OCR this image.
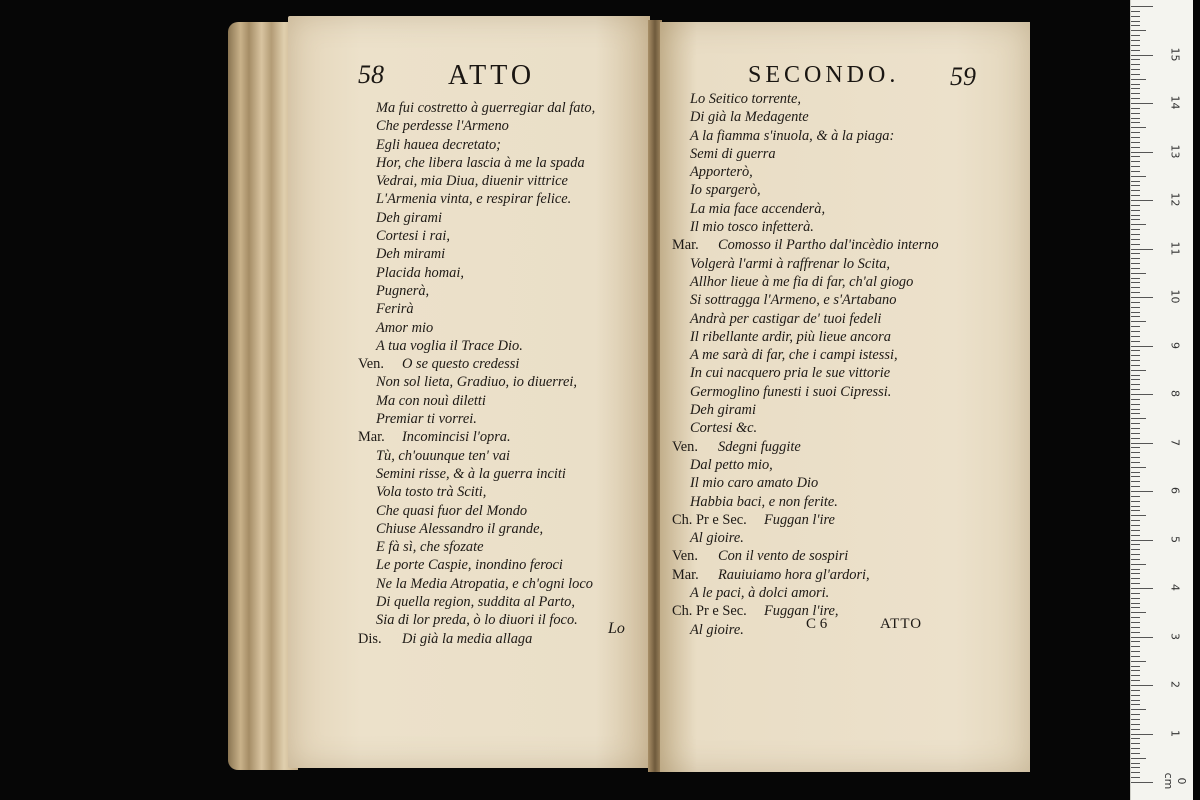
58 ATTO
Ma fui costretto à guerregiar dal fato,
Che perdesse l'Armeno
Egli hauea decretato;
Hor, che libera lascia à me la spada
Vedrai, mia Diua, diuenir vittrice
L'Armenia vinta, e respirar felice.
Deh girami
Cortesi i rai,
Deh mirami
Placida homai,
Pugnerà,
Ferirà
Amor mio
A tua voglia il Trace Dio.
Ven. O se questo credessi
Non sol lieta, Gradiuo, io diuerrei,
Ma con nouì diletti
Premiar ti vorrei.
Mar. Incomincisi l'opra.
Tù, ch'ouunque ten' vai
Semini risse, & à la guerra inciti
Vola tosto trà Sciti,
Che quasi fuor del Mondo
Chiuse Alessandro il grande,
E fà sì, che sfozate
Le porte Caspie, inondino feroci
Ne la Media Atropatia, e ch'ogni loco
Di quella region, suddita al Parto,
Sia di lor preda, ò lo diuori il foco.
Dis. Di già la media allaga
Lo
SECONDO. 59
Lo Seitico torrente,
Di già la Medagente
A la fiamma s'inuola, & à la piaga:
Semi di guerra
Apporterò,
Io spargerò,
La mia face accenderà,
Il mio tosco infetterà.
Mar. Comosso il Partho dal'incèdio interno
Volgerà l'armi à raffrenar lo Scita,
Allhor lieue à me fia di far, ch'al giogo
Si sottragga l'Armeno, e s'Artabano
Andrà per castigar de' tuoi fedeli
Il ribellante ardir, più lieue ancora
A me sarà di far, che i campi istessi,
In cui nacquero pria le sue vittorie
Germoglino funesti i suoi Cipressi.
Deh girami
Cortesi &c.
Ven. Sdegni fuggite
Dal petto mio,
Il mio caro amato Dio
Habbia baci, e non ferite.
Ch. Pr e Sec. Fuggan l'ire
Al gioire.
Ven. Con il vento de sospiri
Mar. Rauiuiamo hora gl'ardori,
A le paci, à dolci amori.
Ch. Pr e Sec. Fuggan l'ire,
Al gioire.	C 6	ATTO
0 cm
1
2
3
4
5
6
7
8
9
10
11
12
13
14
15
